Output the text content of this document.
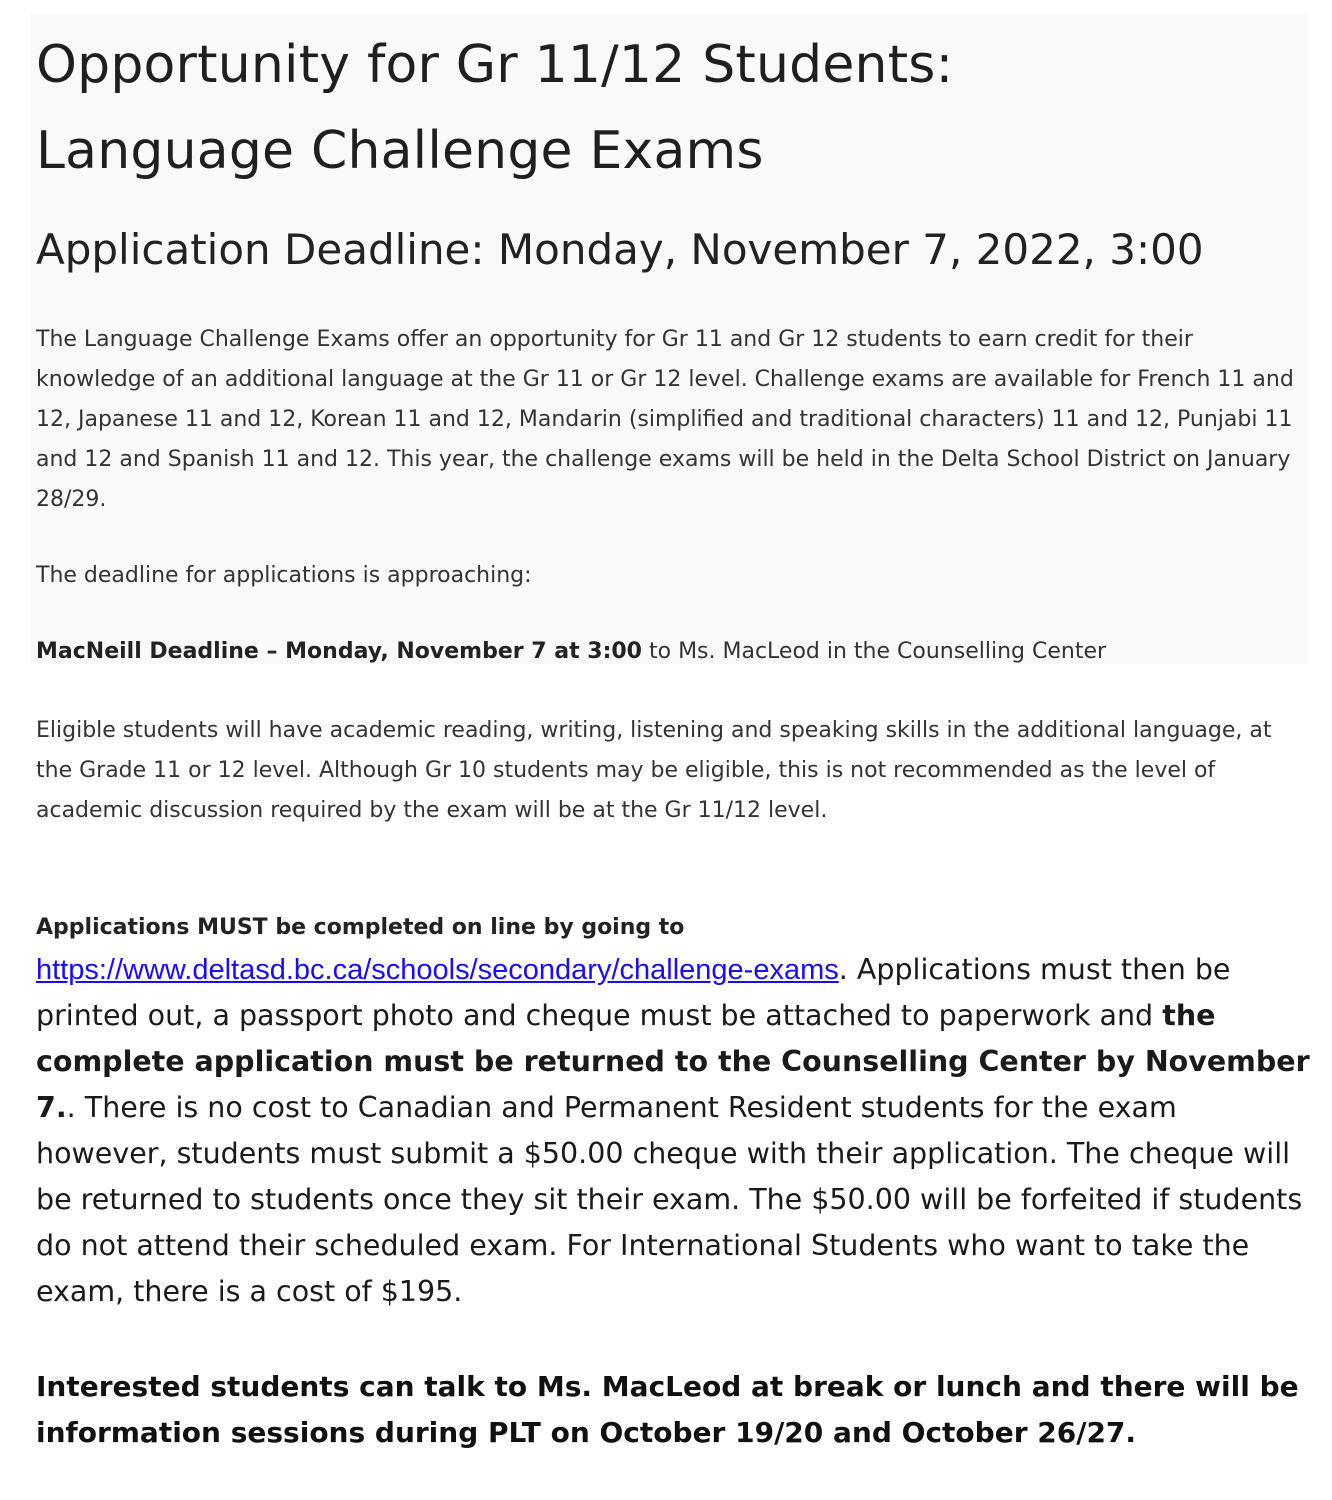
Opportunity for Gr 11/12 Students:
Language Challenge Exams
Application Deadline: Monday, November 7, 2022, 3:00

The Language Challenge Exams offer an opportunity for Gr 11 and Gr 12 students to earn credit for their knowledge of an additional language at the Gr 11 or Gr 12 level. Challenge exams are available for French 11 and 12, Japanese 11 and 12, Korean 11 and 12, Mandarin (simplified and traditional characters) 11 and 12, Punjabi 11 and 12 and Spanish 11 and 12. This year, the challenge exams will be held in the Delta School District on January 28/29.

The deadline for applications is approaching:

MacNeill Deadline – Monday, November 7 at 3:00 to Ms. MacLeod in the Counselling Center

Eligible students will have academic reading, writing, listening and speaking skills in the additional language, at the Grade 11 or 12 level. Although Gr 10 students may be eligible, this is not recommended as the level of academic discussion required by the exam will be at the Gr 11/12 level.

Applications MUST be completed on line by going to

https://www.deltasd.bc.ca/schools/secondary/challenge-exams. Applications must then be printed out, a passport photo and cheque must be attached to paperwork and the complete application must be returned to the Counselling Center by November 7.. There is no cost to Canadian and Permanent Resident students for the exam however, students must submit a $50.00 cheque with their application. The cheque will be returned to students once they sit their exam. The $50.00 will be forfeited if students do not attend their scheduled exam. For International Students who want to take the exam, there is a cost of $195.

Interested students can talk to Ms. MacLeod at break or lunch and there will be information sessions during PLT on October 19/20 and October 26/27.
